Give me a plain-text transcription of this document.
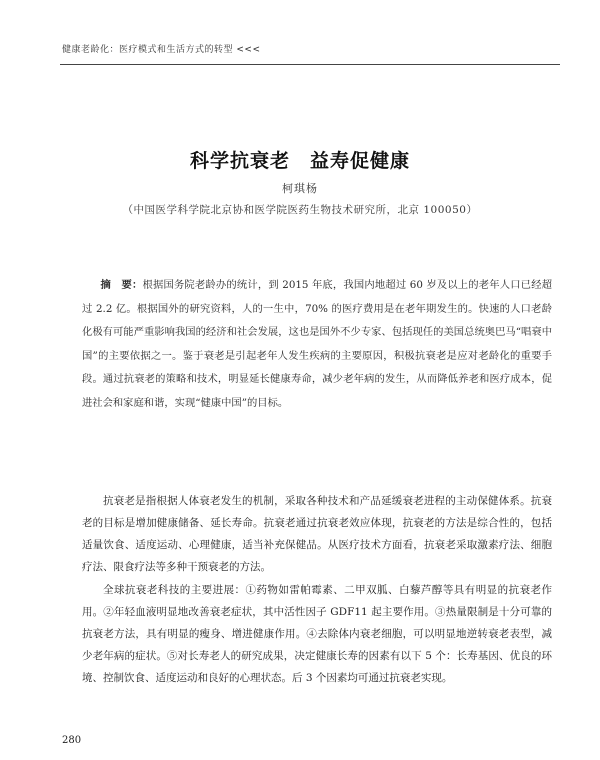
健康老龄化：医疗模式和生活方式的转型 <<<
科学抗衰老 益寿促健康
柯琪杨
（中国医学科学院北京协和医学院医药生物技术研究所，北京 100050）
摘　要：根据国务院老龄办的统计，到 2015 年底，我国内地超过 60 岁及以上的老年人口已经超过 2.2 亿。根据国外的研究资料，人的一生中，70% 的医疗费用是在老年期发生的。快速的人口老龄化极有可能严重影响我国的经济和社会发展，这也是国外不少专家、包括现任的美国总统奥巴马“唱衰中国”的主要依据之一。鉴于衰老是引起老年人发生疾病的主要原因，积极抗衰老是应对老龄化的重要手段。通过抗衰老的策略和技术，明显延长健康寿命，减少老年病的发生，从而降低养老和医疗成本，促进社会和家庭和谐，实现“健康中国”的目标。

抗衰老是指根据人体衰老发生的机制，采取各种技术和产品延缓衰老进程的主动保健体系。抗衰老的目标是增加健康储备、延长寿命。抗衰老通过抗衰老效应体现，抗衰老的方法是综合性的，包括适量饮食、适度运动、心理健康，适当补充保健品。从医疗技术方面看，抗衰老采取激素疗法、细胞疗法、限食疗法等多种干预衰老的方法。

全球抗衰老科技的主要进展：①药物如雷帕霉素、二甲双胍、白藜芦醇等具有明显的抗衰老作用。②年轻血液明显地改善衰老症状，其中活性因子 GDF11 起主要作用。③热量限制是十分可靠的抗衰老方法，具有明显的瘦身、增进健康作用。④去除体内衰老细胞，可以明显地逆转衰老表型，减少老年病的症状。⑤对长寿老人的研究成果，决定健康长寿的因素有以下 5 个：长寿基因、优良的环境、控制饮食、适度运动和良好的心理状态。后 3 个因素均可通过抗衰老实现。

280
